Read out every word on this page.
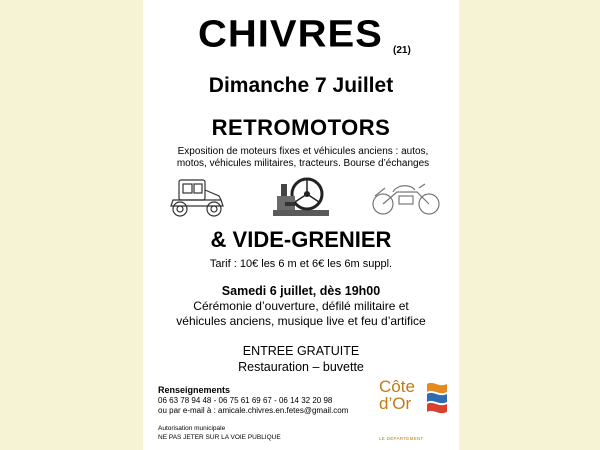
CHIVRES (21)
Dimanche 7 Juillet
RETROMOTORS
Exposition de moteurs fixes et véhicules anciens : autos,
motos, véhicules militaires, tracteurs. Bourse d’échanges
& VIDE-GRENIER
Tarif : 10€ les 6 m et 6€ les 6m suppl.
Samedi 6 juillet, dès 19h00
Cérémonie d’ouverture, défilé militaire et
véhicules anciens, musique live et feu d’artifice
ENTREE GRATUITE
Restauration – buvette
Renseignements
06 63 78 94 48 - 06 75 61 69 67 - 06 14 32 20 98
ou par e-mail à : amicale.chivres.en.fetes@gmail.com
Autorisation municipale
NE PAS JETER SUR LA VOIE PUBLIQUE
Côte
d’Or
LE DÉPARTEMENT
